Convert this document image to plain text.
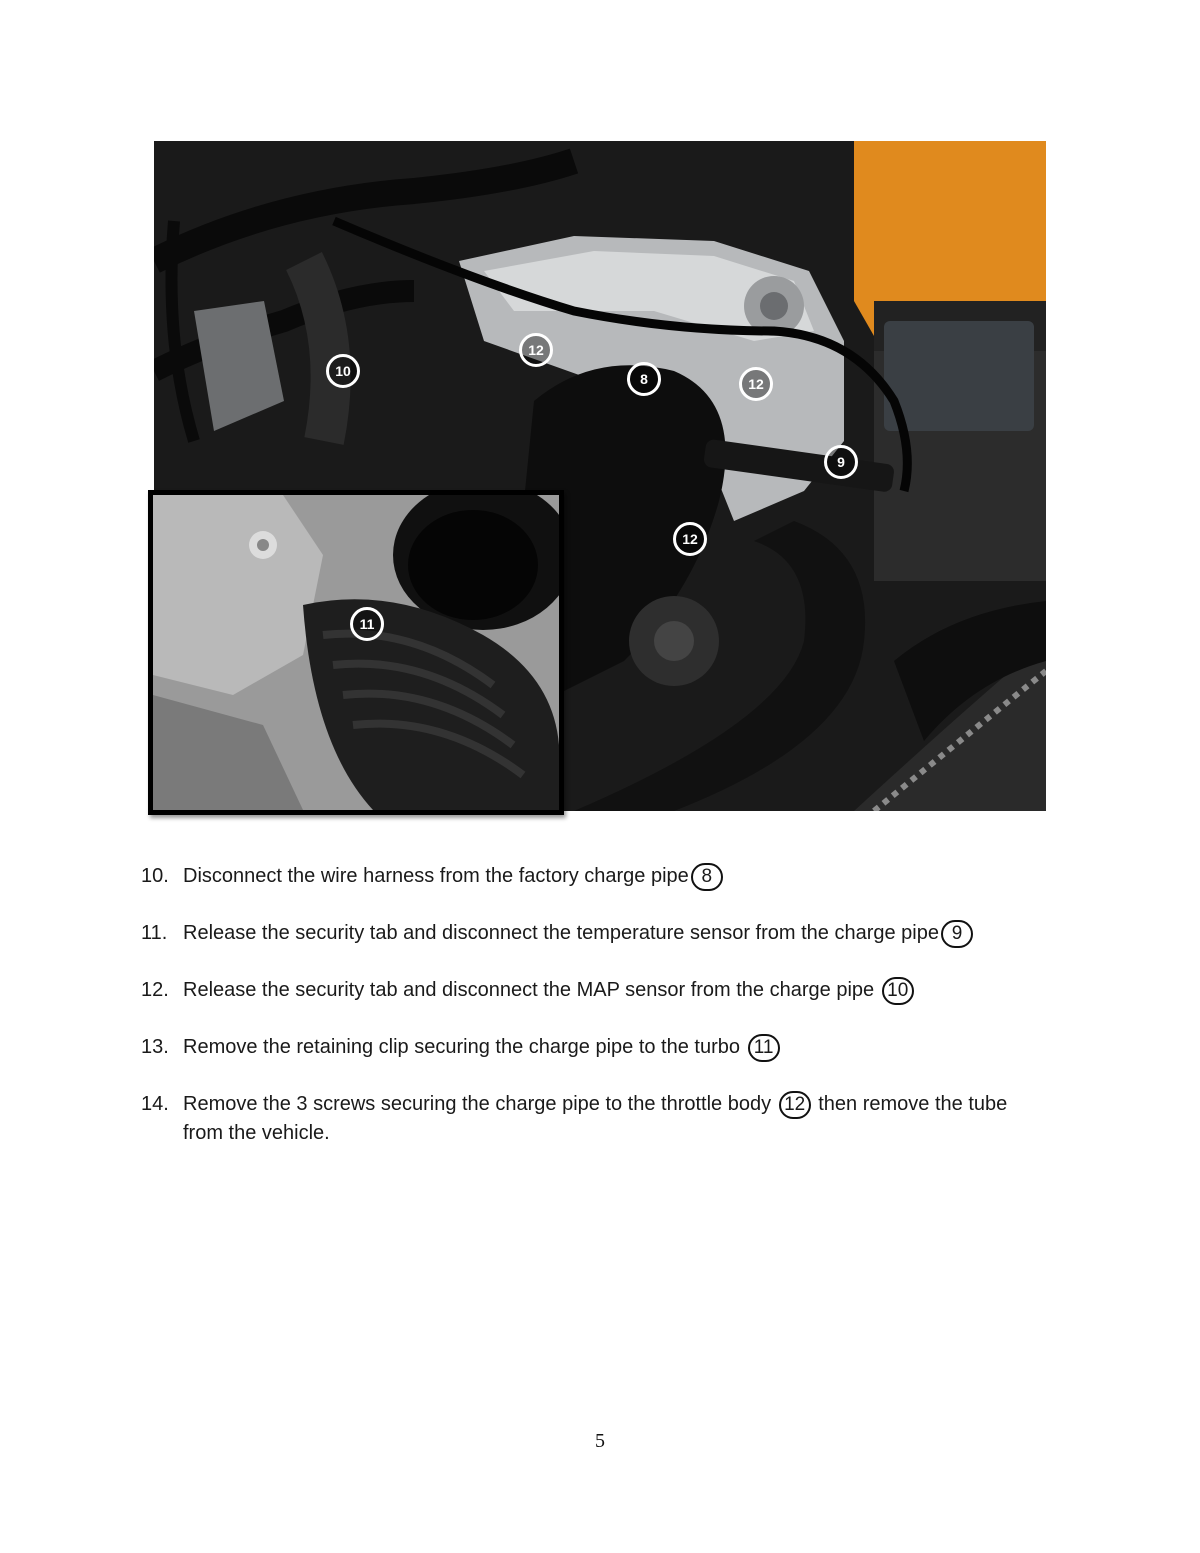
10
12
8	12
9
12
11
10. Disconnect the wire harness from the factory charge pipe 8
11. Release the security tab and disconnect the temperature sensor from the charge pipe 9
12. Release the security tab and disconnect the MAP sensor from the charge pipe 10
13. Remove the retaining clip securing the charge pipe to the turbo 11
14. Remove the 3 screws securing the charge pipe to the throttle body 12 then remove the tube from the vehicle.
5
